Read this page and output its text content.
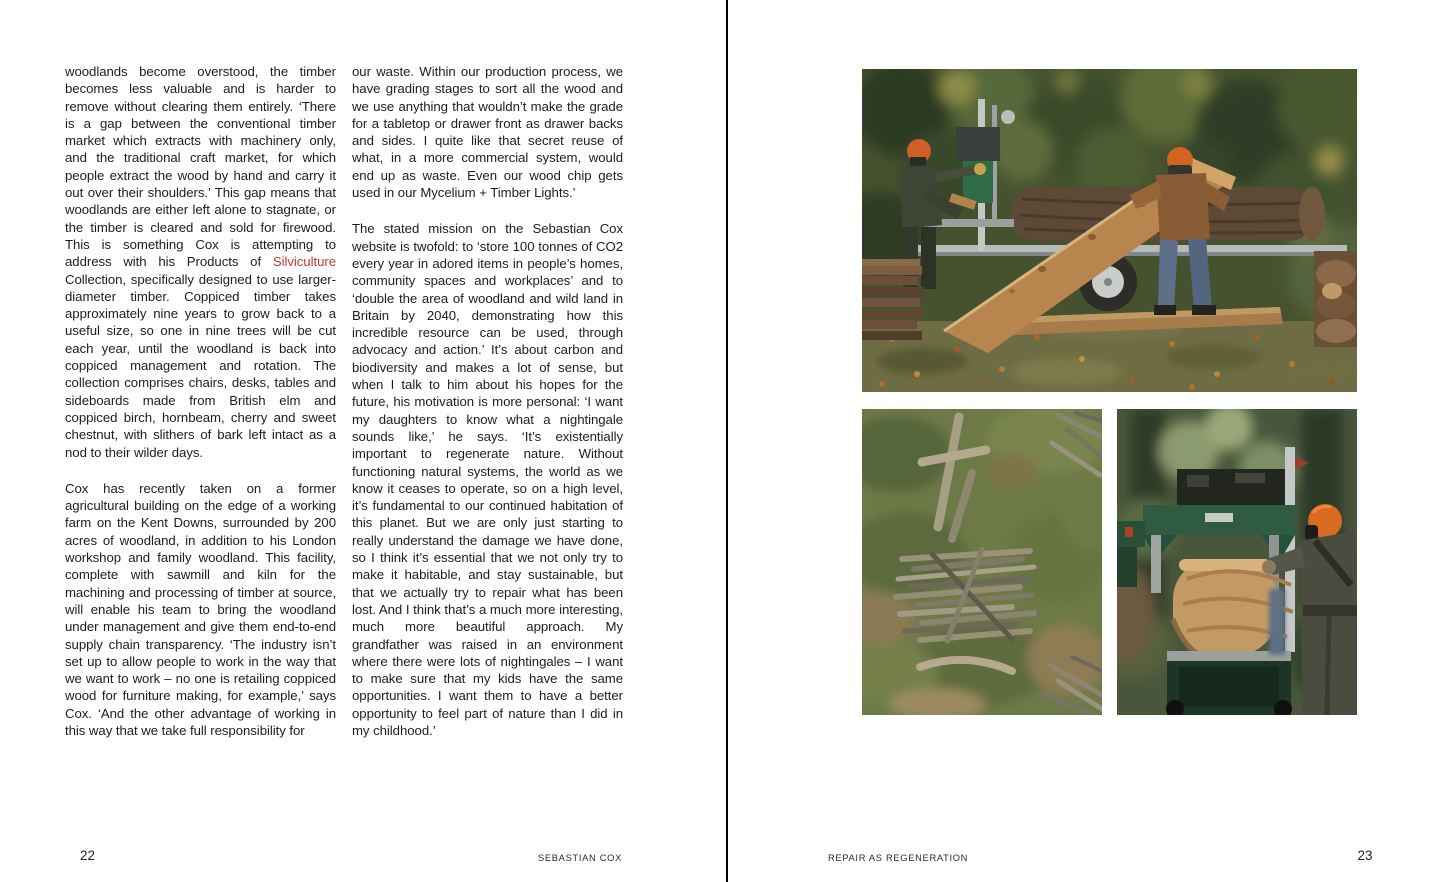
woodlands become overstood, the timber becomes less valuable and is harder to remove without clearing them entirely. ‘There is a gap between the conventional timber market which extracts with machinery only, and the traditional craft market, for which people extract the wood by hand and carry it out over their shoulders.’ This gap means that woodlands are either left alone to stagnate, or the timber is cleared and sold for firewood. This is something Cox is attempting to address with his Products of Silviculture Collection, specifically designed to use larger-diameter timber. Coppiced timber takes approximately nine years to grow back to a useful size, so one in nine trees will be cut each year, until the woodland is back into coppiced management and rotation. The collection comprises chairs, desks, tables and sideboards made from British elm and coppiced birch, hornbeam, cherry and sweet chestnut, with slithers of bark left intact as a nod to their wilder days.

Cox has recently taken on a former agricultural building on the edge of a working farm on the Kent Downs, surrounded by 200 acres of woodland, in addition to his London workshop and family woodland. This facility, complete with sawmill and kiln for the machining and processing of timber at source, will enable his team to bring the woodland under management and give them end-to-end supply chain transparency. ‘The industry isn’t set up to allow people to work in the way that we want to work – no one is retailing coppiced wood for furniture making, for example,’ says Cox. ‘And the other advantage of working in this way that we take full responsibility for

our waste. Within our production process, we have grading stages to sort all the wood and we use anything that wouldn’t make the grade for a tabletop or drawer front as drawer backs and sides. I quite like that secret reuse of what, in a more commercial system, would end up as waste. Even our wood chip gets used in our Mycelium + Timber Lights.’

The stated mission on the Sebastian Cox website is twofold: to ‘store 100 tonnes of CO2 every year in adored items in people’s homes, community spaces and workplaces’ and to ‘double the area of woodland and wild land in Britain by 2040, demonstrating how this incredible resource can be used, through advocacy and action.’ It’s about carbon and biodiversity and makes a lot of sense, but when I talk to him about his hopes for the future, his motivation is more personal: ‘I want my daughters to know what a nightingale sounds like,’ he says. ‘It’s existentially important to regenerate nature. Without functioning natural systems, the world as we know it ceases to operate, so on a high level, it’s fundamental to our continued habitation of this planet. But we are only just starting to really understand the damage we have done, so I think it’s essential that we not only try to make it habitable, and stay sustainable, but that we actually try to repair what has been lost. And I think that’s a much more interesting, much more beautiful approach. My grandfather was raised in an environment where there were lots of nightingales – I want to make sure that my kids have the same opportunities. I want them to have a better opportunity to feel part of nature than I did in my childhood.’

22	SEBASTIAN COX	REPAIR AS REGENERATION	23
